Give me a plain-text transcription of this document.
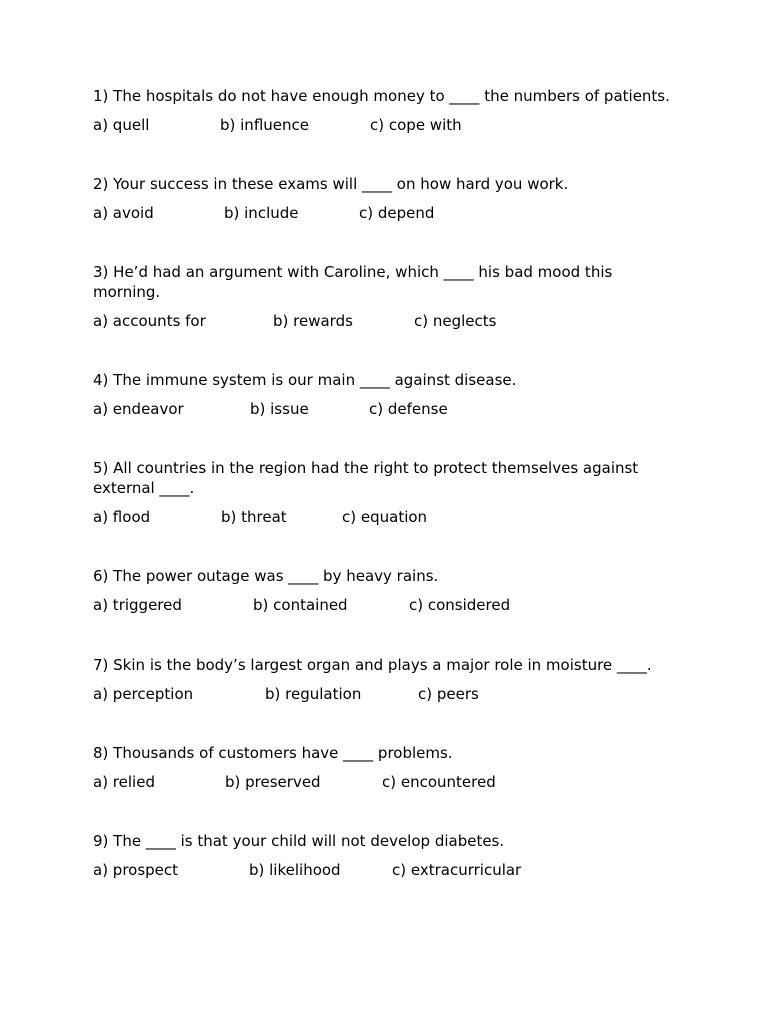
1) The hospitals do not have enough money to ____ the numbers of patients.

a) quell	b) influence	c) cope with

2) Your success in these exams will ____ on how hard you work.

a) avoid	b) include	c) depend

3) He’d had an argument with Caroline, which ____ his bad mood this morning.

a) accounts for	b) rewards	c) neglects

4) The immune system is our main ____ against disease.

a) endeavor	b) issue	c) defense

5) All countries in the region had the right to protect themselves against external ____.

a) flood	b) threat	c) equation

6) The power outage was ____ by heavy rains.

a) triggered	b) contained	c) considered

7) Skin is the body’s largest organ and plays a major role in moisture ____.

a) perception	b) regulation	c) peers

8) Thousands of customers have ____ problems.

a) relied	b) preserved	c) encountered

9) The ____ is that your child will not develop diabetes.

a) prospect	b) likelihood	c) extracurricular
